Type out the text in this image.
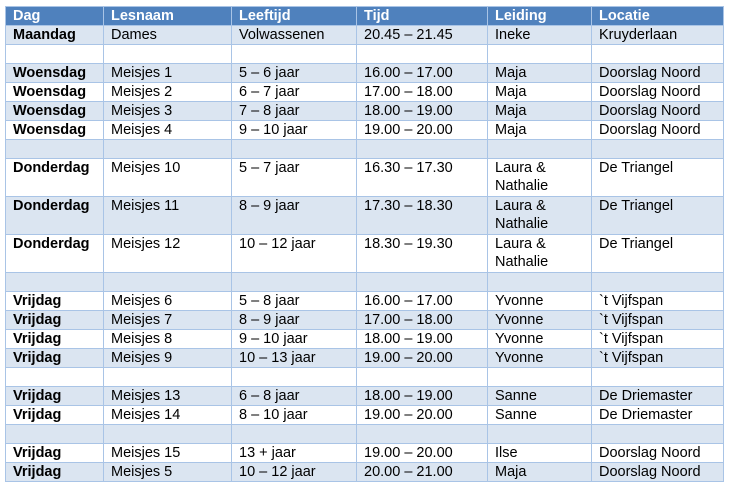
Dag	Lesnaam	Leeftijd	Tijd	Leiding	Locatie
Maandag	Dames	Volwassenen	20.45 – 21.45	Ineke	Kruyderlaan

Woensdag	Meisjes 1	5 – 6 jaar	16.00 – 17.00	Maja	Doorslag Noord
Woensdag	Meisjes 2	6 – 7 jaar	17.00 – 18.00	Maja	Doorslag Noord
Woensdag	Meisjes 3	7 – 8 jaar	18.00 – 19.00	Maja	Doorslag Noord
Woensdag	Meisjes 4	9 – 10 jaar	19.00 – 20.00	Maja	Doorslag Noord

Donderdag	Meisjes 10	5 – 7 jaar	16.30 – 17.30	Laura & Nathalie	De Triangel
Donderdag	Meisjes 11	8 – 9 jaar	17.30 – 18.30	Laura & Nathalie	De Triangel
Donderdag	Meisjes 12	10 – 12 jaar	18.30 – 19.30	Laura & Nathalie	De Triangel

Vrijdag	Meisjes 6	5 – 8 jaar	16.00 – 17.00	Yvonne	`t Vijfspan
Vrijdag	Meisjes 7	8 – 9 jaar	17.00 – 18.00	Yvonne	`t Vijfspan
Vrijdag	Meisjes 8	9 – 10 jaar	18.00 – 19.00	Yvonne	`t Vijfspan
Vrijdag	Meisjes 9	10 – 13 jaar	19.00 – 20.00	Yvonne	`t Vijfspan

Vrijdag	Meisjes 13	6 – 8 jaar	18.00 – 19.00	Sanne	De Driemaster
Vrijdag	Meisjes 14	8 – 10 jaar	19.00 – 20.00	Sanne	De Driemaster

Vrijdag	Meisjes 15	13 + jaar	19.00 – 20.00	Ilse	Doorslag Noord
Vrijdag	Meisjes 5	10 – 12 jaar	20.00 – 21.00	Maja	Doorslag Noord
